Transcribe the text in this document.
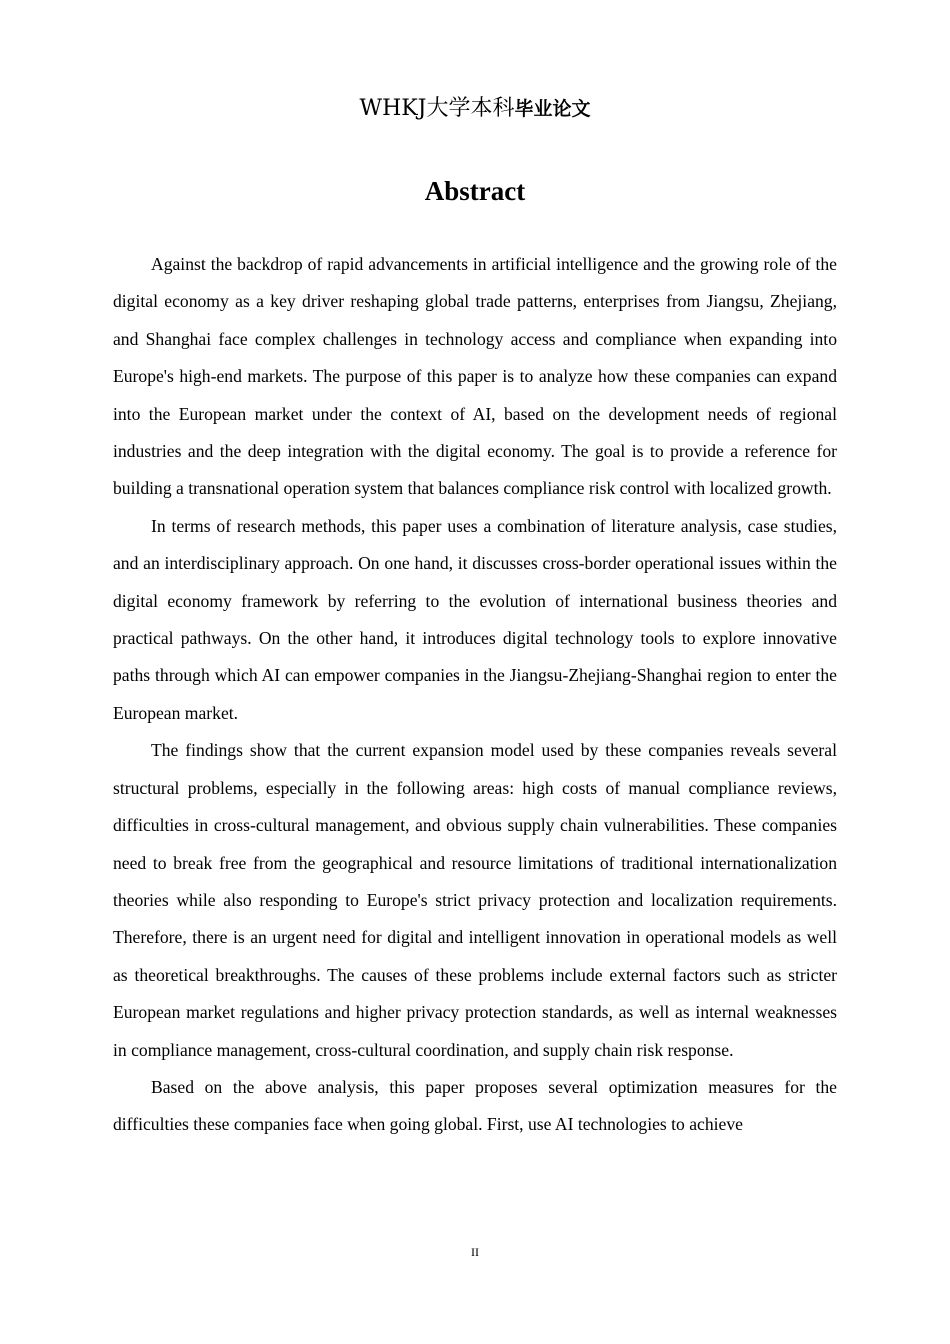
WHKJ大学本科毕业论文
Abstract

Against the backdrop of rapid advancements in artificial intelligence and the growing role of the digital economy as a key driver reshaping global trade patterns, enterprises from Jiangsu, Zhejiang, and Shanghai face complex challenges in technology access and compliance when expanding into Europe's high-end markets. The purpose of this paper is to analyze how these companies can expand into the European market under the context of AI, based on the development needs of regional industries and the deep integration with the digital economy. The goal is to provide a reference for building a transnational operation system that balances compliance risk control with localized growth.

In terms of research methods, this paper uses a combination of literature analysis, case studies, and an interdisciplinary approach. On one hand, it discusses cross-border operational issues within the digital economy framework by referring to the evolution of international business theories and practical pathways. On the other hand, it introduces digital technology tools to explore innovative paths through which AI can empower companies in the Jiangsu-Zhejiang-Shanghai region to enter the European market.

The findings show that the current expansion model used by these companies reveals several structural problems, especially in the following areas: high costs of manual compliance reviews, difficulties in cross-cultural management, and obvious supply chain vulnerabilities. These companies need to break free from the geographical and resource limitations of traditional internationalization theories while also responding to Europe's strict privacy protection and localization requirements. Therefore, there is an urgent need for digital and intelligent innovation in operational models as well as theoretical breakthroughs. The causes of these problems include external factors such as stricter European market regulations and higher privacy protection standards, as well as internal weaknesses in compliance management, cross-cultural coordination, and supply chain risk response.

Based on the above analysis, this paper proposes several optimization measures for the difficulties these companies face when going global. First, use AI technologies to achieve

II
